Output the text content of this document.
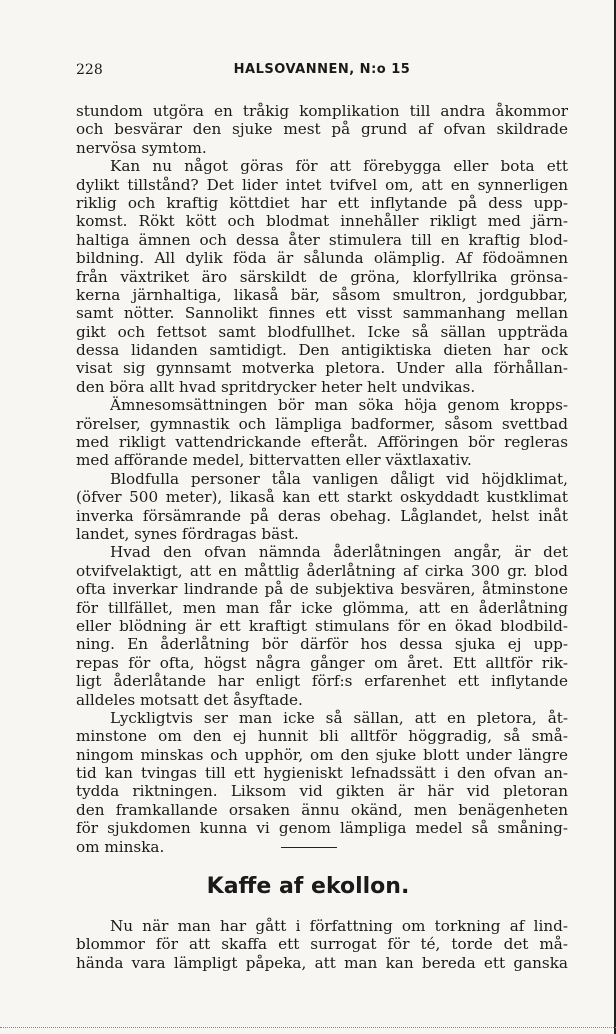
228	HALSOVANNEN, N:o 15
stundom utgöra en tråkig komplikation till andra åkommor
och besvärar den sjuke mest på grund af ofvan skildrade
nervösa symtom.
Kan nu något göras för att förebygga eller bota ett
dylikt tillstånd? Det lider intet tvifvel om, att en synnerligen
riklig och kraftig köttdiet har ett inflytande på dess upp-
komst. Rökt kött och blodmat innehåller rikligt med järn-
haltiga ämnen och dessa åter stimulera till en kraftig blod-
bildning. All dylik föda är sålunda olämplig. Af födoämnen
från växtriket äro särskildt de gröna, klorfyllrika grönsa-
kerna järnhaltiga, likaså bär, såsom smultron, jordgubbar,
samt nötter. Sannolikt finnes ett visst sammanhang mellan
gikt och fettsot samt blodfullhet. Icke så sällan uppträda
dessa lidanden samtidigt. Den antigiktiska dieten har ock
visat sig gynnsamt motverka pletora. Under alla förhållan-
den böra allt hvad spritdrycker heter helt undvikas.
Ämnesomsättningen bör man söka höja genom kropps-
rörelser, gymnastik och lämpliga badformer, såsom svettbad
med rikligt vattendrickande efteråt. Afföringen bör regleras
med afförande medel, bittervatten eller växtlaxativ.
Blodfulla personer tåla vanligen dåligt vid höjdklimat,
(öfver 500 meter), likaså kan ett starkt oskyddadt kustklimat
inverka försämrande på deras obehag. Låglandet, helst inåt
landet, synes fördragas bäst.
Hvad den ofvan nämnda åderlåtningen angår, är det
otvifvelaktigt, att en måttlig åderlåtning af cirka 300 gr. blod
ofta inverkar lindrande på de subjektiva besvären, åtminstone
för tillfället, men man får icke glömma, att en åderlåtning
eller blödning är ett kraftigt stimulans för en ökad blodbild-
ning. En åderlåtning bör därför hos dessa sjuka ej upp-
repas för ofta, högst några gånger om året. Ett alltför rik-
ligt åderlåtande har enligt förf:s erfarenhet ett inflytande
alldeles motsatt det åsyftade.
Lyckligtvis ser man icke så sällan, att en pletora, åt-
minstone om den ej hunnit bli alltför höggradig, så små-
ningom minskas och upphör, om den sjuke blott under längre
tid kan tvingas till ett hygieniskt lefnadssätt i den ofvan an-
tydda riktningen. Liksom vid gikten är här vid pletoran
den framkallande orsaken ännu okänd, men benägenheten
för sjukdomen kunna vi genom lämpliga medel så småning-
om minska.
Kaffe af ekollon.
Nu när man har gått i författning om torkning af lind-
blommor för att skaffa ett surrogat för té, torde det må-
hända vara lämpligt påpeka, att man kan bereda ett ganska
